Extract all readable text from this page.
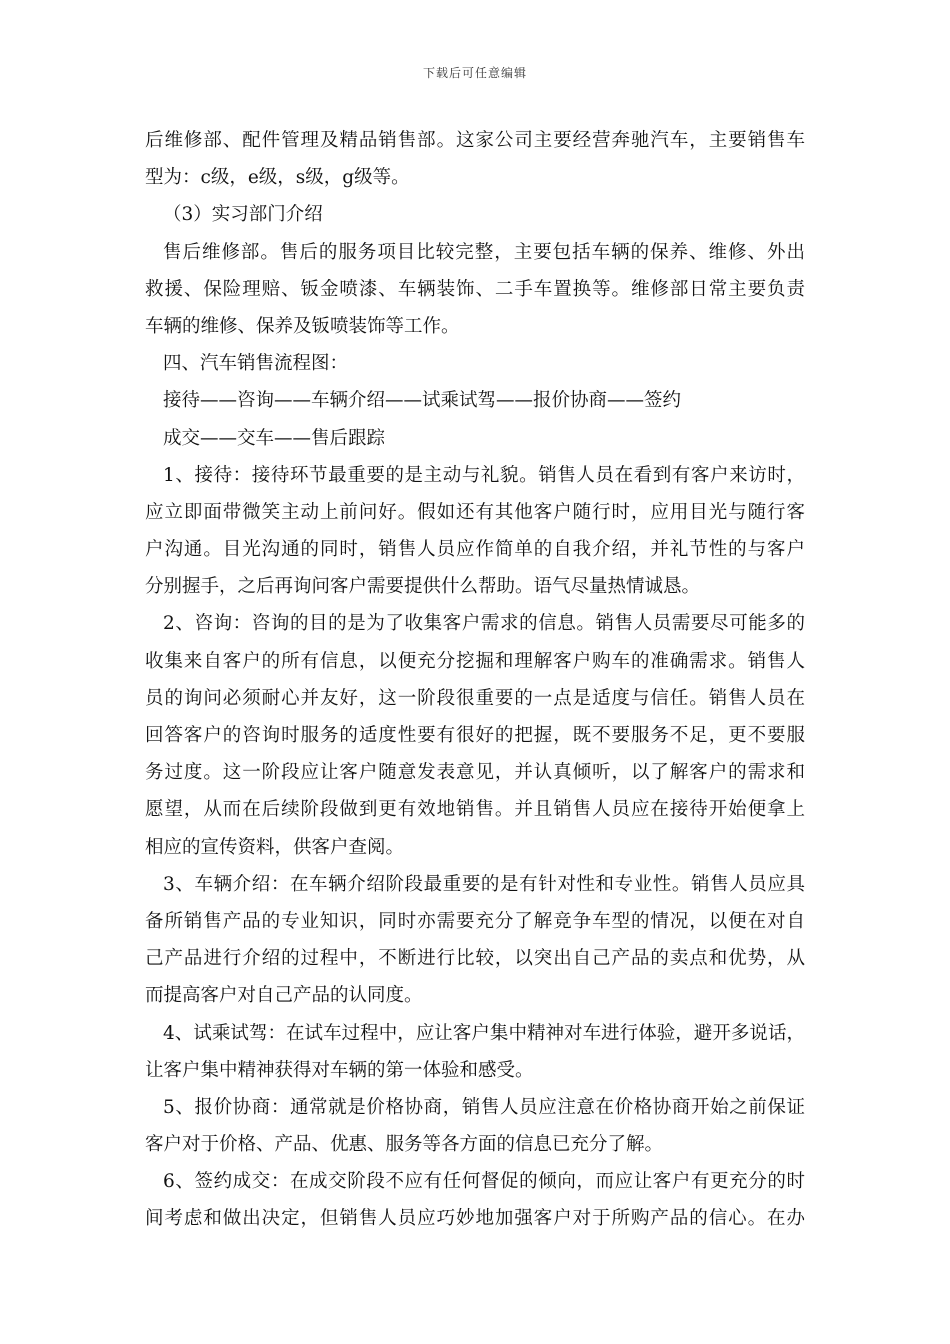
下载后可任意编辑
后维修部、配件管理及精品销售部。这家公司主要经营奔驰汽车，主要销售车
型为：c级，e级，s级，g级等。
（3）实习部门介绍
售后维修部。售后的服务项目比较完整，主要包括车辆的保养、维修、外出
救援、保险理赔、钣金喷漆、车辆装饰、二手车置换等。维修部日常主要负责
车辆的维修、保养及钣喷装饰等工作。
四、汽车销售流程图：
接待——咨询——车辆介绍——试乘试驾——报价协商——签约
成交——交车——售后跟踪
1、接待：接待环节最重要的是主动与礼貌。销售人员在看到有客户来访时，
应立即面带微笑主动上前问好。假如还有其他客户随行时，应用目光与随行客
户沟通。目光沟通的同时，销售人员应作简单的自我介绍，并礼节性的与客户
分别握手，之后再询问客户需要提供什么帮助。语气尽量热情诚恳。
2、咨询：咨询的目的是为了收集客户需求的信息。销售人员需要尽可能多的
收集来自客户的所有信息，以便充分挖掘和理解客户购车的准确需求。销售人
员的询问必须耐心并友好，这一阶段很重要的一点是适度与信任。销售人员在
回答客户的咨询时服务的适度性要有很好的把握，既不要服务不足，更不要服
务过度。这一阶段应让客户随意发表意见，并认真倾听，以了解客户的需求和
愿望，从而在后续阶段做到更有效地销售。并且销售人员应在接待开始便拿上
相应的宣传资料，供客户查阅。
3、车辆介绍：在车辆介绍阶段最重要的是有针对性和专业性。销售人员应具
备所销售产品的专业知识，同时亦需要充分了解竞争车型的情况，以便在对自
己产品进行介绍的过程中，不断进行比较，以突出自己产品的卖点和优势，从
而提高客户对自己产品的认同度。
4、试乘试驾：在试车过程中，应让客户集中精神对车进行体验，避开多说话，
让客户集中精神获得对车辆的第一体验和感受。
5、报价协商：通常就是价格协商，销售人员应注意在价格协商开始之前保证
客户对于价格、产品、优惠、服务等各方面的信息已充分了解。
6、签约成交：在成交阶段不应有任何督促的倾向，而应让客户有更充分的时
间考虑和做出决定，但销售人员应巧妙地加强客户对于所购产品的信心。在办
